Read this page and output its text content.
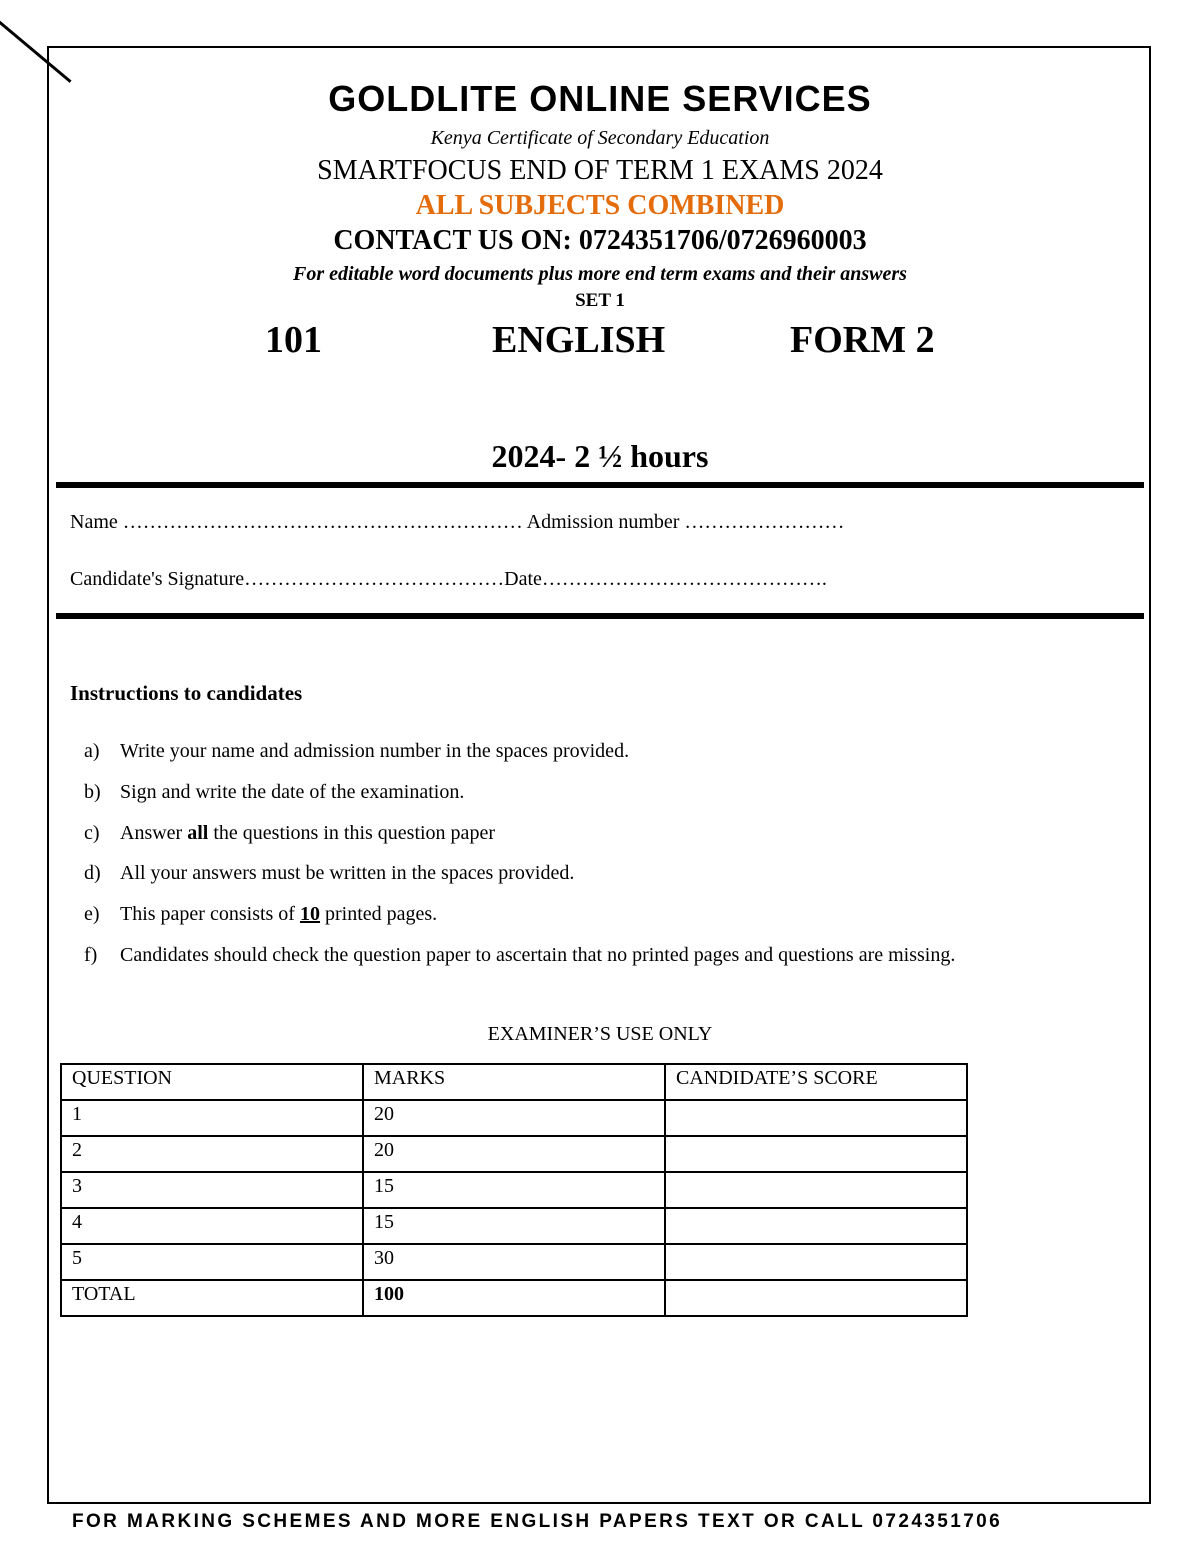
GOLDLITE ONLINE SERVICES
Kenya Certificate of Secondary Education
SMARTFOCUS END OF TERM 1 EXAMS 2024
ALL SUBJECTS COMBINED
CONTACT US ON: 0724351706/0726960003
For editable word documents plus more end term exams and their answers
SET 1
101	ENGLISH	FORM 2
2024- 2 ½ hours
Name …………………………………………………… Admission number ……………………
Candidate's Signature…………………………………Date…………………………………….
Instructions to candidates
a) Write your name and admission number in the spaces provided.
b) Sign and write the date of the examination.
c) Answer all the questions in this question paper
d) All your answers must be written in the spaces provided.
e) This paper consists of 10 printed pages.
f) Candidates should check the question paper to ascertain that no printed pages and questions are missing.
EXAMINER’S USE ONLY
QUESTION	MARKS	CANDIDATE’S SCORE
1	20	
2	20	
3	15	
4	15	
5	30	
TOTAL	100	
FOR MARKING SCHEMES AND MORE ENGLISH PAPERS TEXT OR CALL 0724351706
